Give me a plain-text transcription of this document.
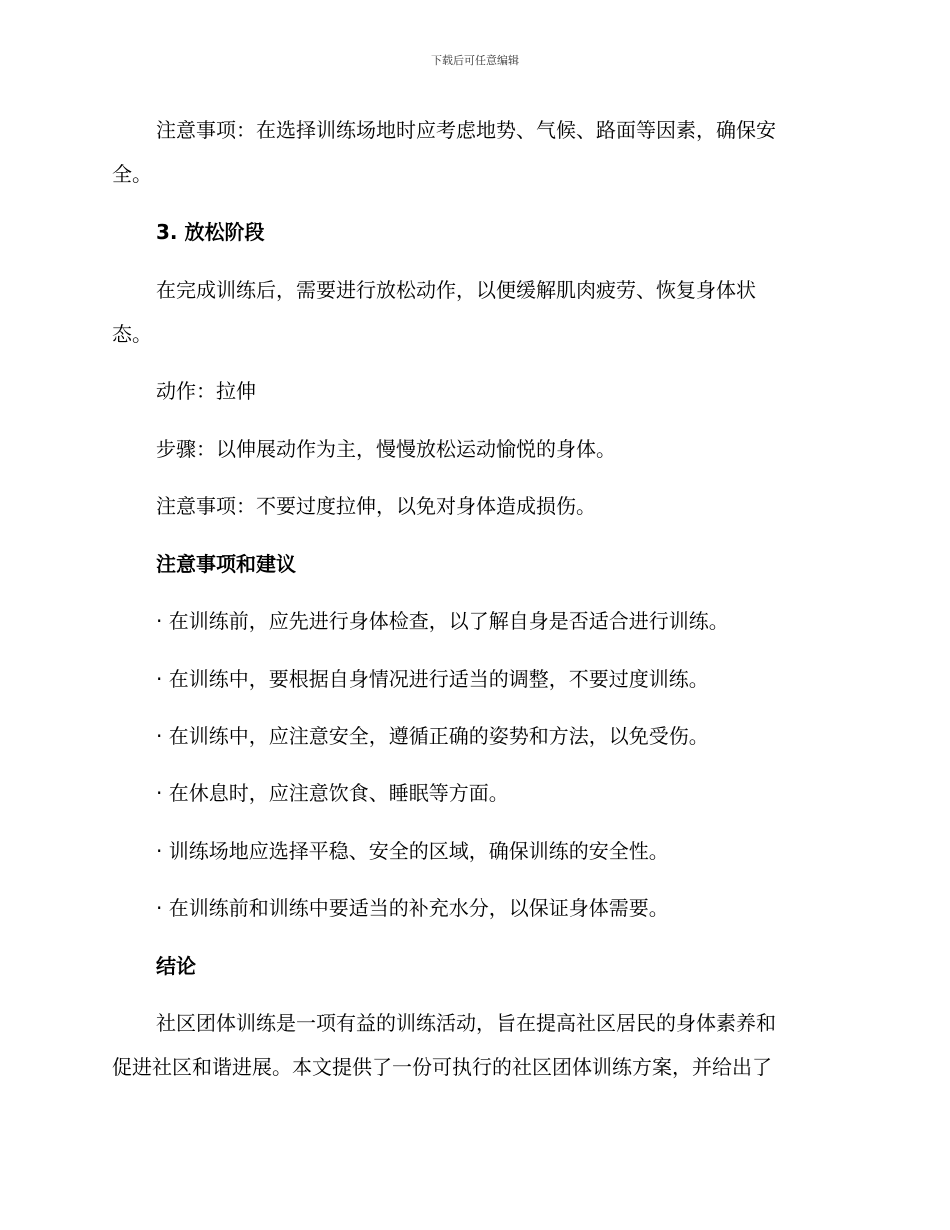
下载后可任意编辑
注意事项：在选择训练场地时应考虑地势、气候、路面等因素，确保安
全。
3. 放松阶段
在完成训练后，需要进行放松动作，以便缓解肌肉疲劳、恢复身体状
态。
动作：拉伸
步骤：以伸展动作为主，慢慢放松运动愉悦的身体。
注意事项：不要过度拉伸，以免对身体造成损伤。
注意事项和建议
· 在训练前，应先进行身体检查，以了解自身是否适合进行训练。
· 在训练中，要根据自身情况进行适当的调整，不要过度训练。
· 在训练中，应注意安全，遵循正确的姿势和方法，以免受伤。
· 在休息时，应注意饮食、睡眠等方面。
· 训练场地应选择平稳、安全的区域，确保训练的安全性。
· 在训练前和训练中要适当的补充水分，以保证身体需要。
结论
社区团体训练是一项有益的训练活动，旨在提高社区居民的身体素养和
促进社区和谐进展。本文提供了一份可执行的社区团体训练方案，并给出了
